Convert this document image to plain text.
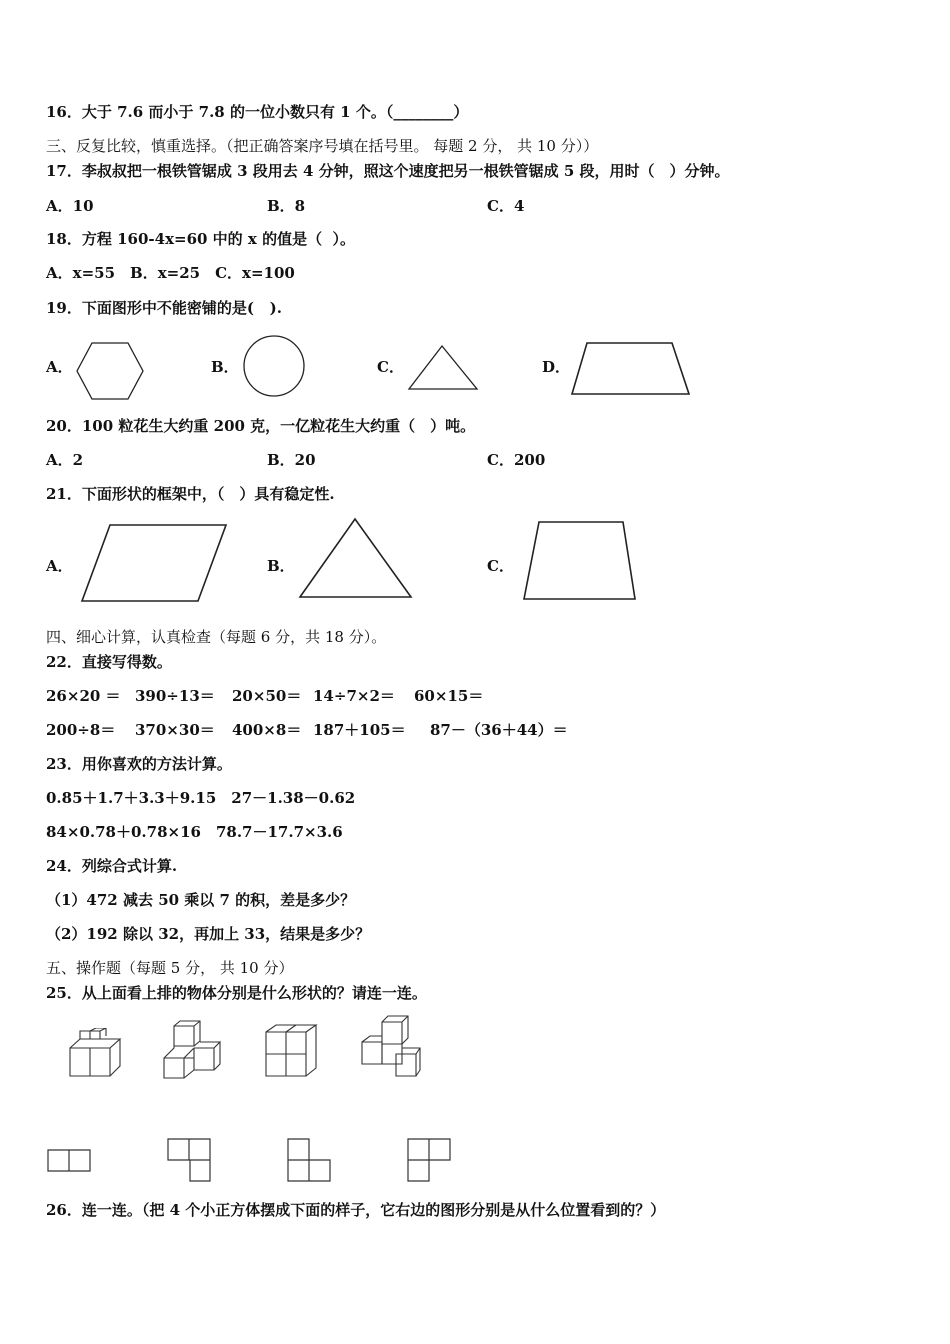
16．大于 7.6 而小于 7.8 的一位小数只有 1 个。（________）
三、反复比较，慎重选择。（把正确答案序号填在括号里。 每题 2 分， 共 10 分））
17．李叔叔把一根铁管锯成 3 段用去 4 分钟，照这个速度把另一根铁管锯成 5 段，用时（　）分钟。
A．10	B．8	C．4
18．方程 160-4x=60 中的 x 的值是（  ）。
A．x=55　B．x=25　C．x=100
19．下面图形中不能密铺的是(   ).
A．	B．	C．	D．
20．100 粒花生大约重 200 克，一亿粒花生大约重（　）吨。
A．2	B．20	C．200
21．下面形状的框架中，（　）具有稳定性.
A．	B．	C．
四、细心计算，认真检查（每题 6 分，共 18 分）。
22．直接写得数。
26×20 ＝ 390÷13＝ 20×50＝ 14÷7×2＝ 60×15＝
200÷8＝ 370×30＝ 400×8＝ 187＋105＝ 87－（36＋44）＝
23．用你喜欢的方法计算。
0.85＋1.7＋3.3＋9.15　27－1.38－0.62
84×0.78＋0.78×16　78.7－17.7×3.6
24．列综合式计算.
（1）472 减去 50 乘以 7 的积，差是多少？
（2）192 除以 32，再加上 33，结果是多少？
五、操作题（每题 5 分， 共 10 分）
25．从上面看上排的物体分别是什么形状的？请连一连。
26．连一连。（把 4 个小正方体摆成下面的样子，它右边的图形分别是从什么位置看到的？）
